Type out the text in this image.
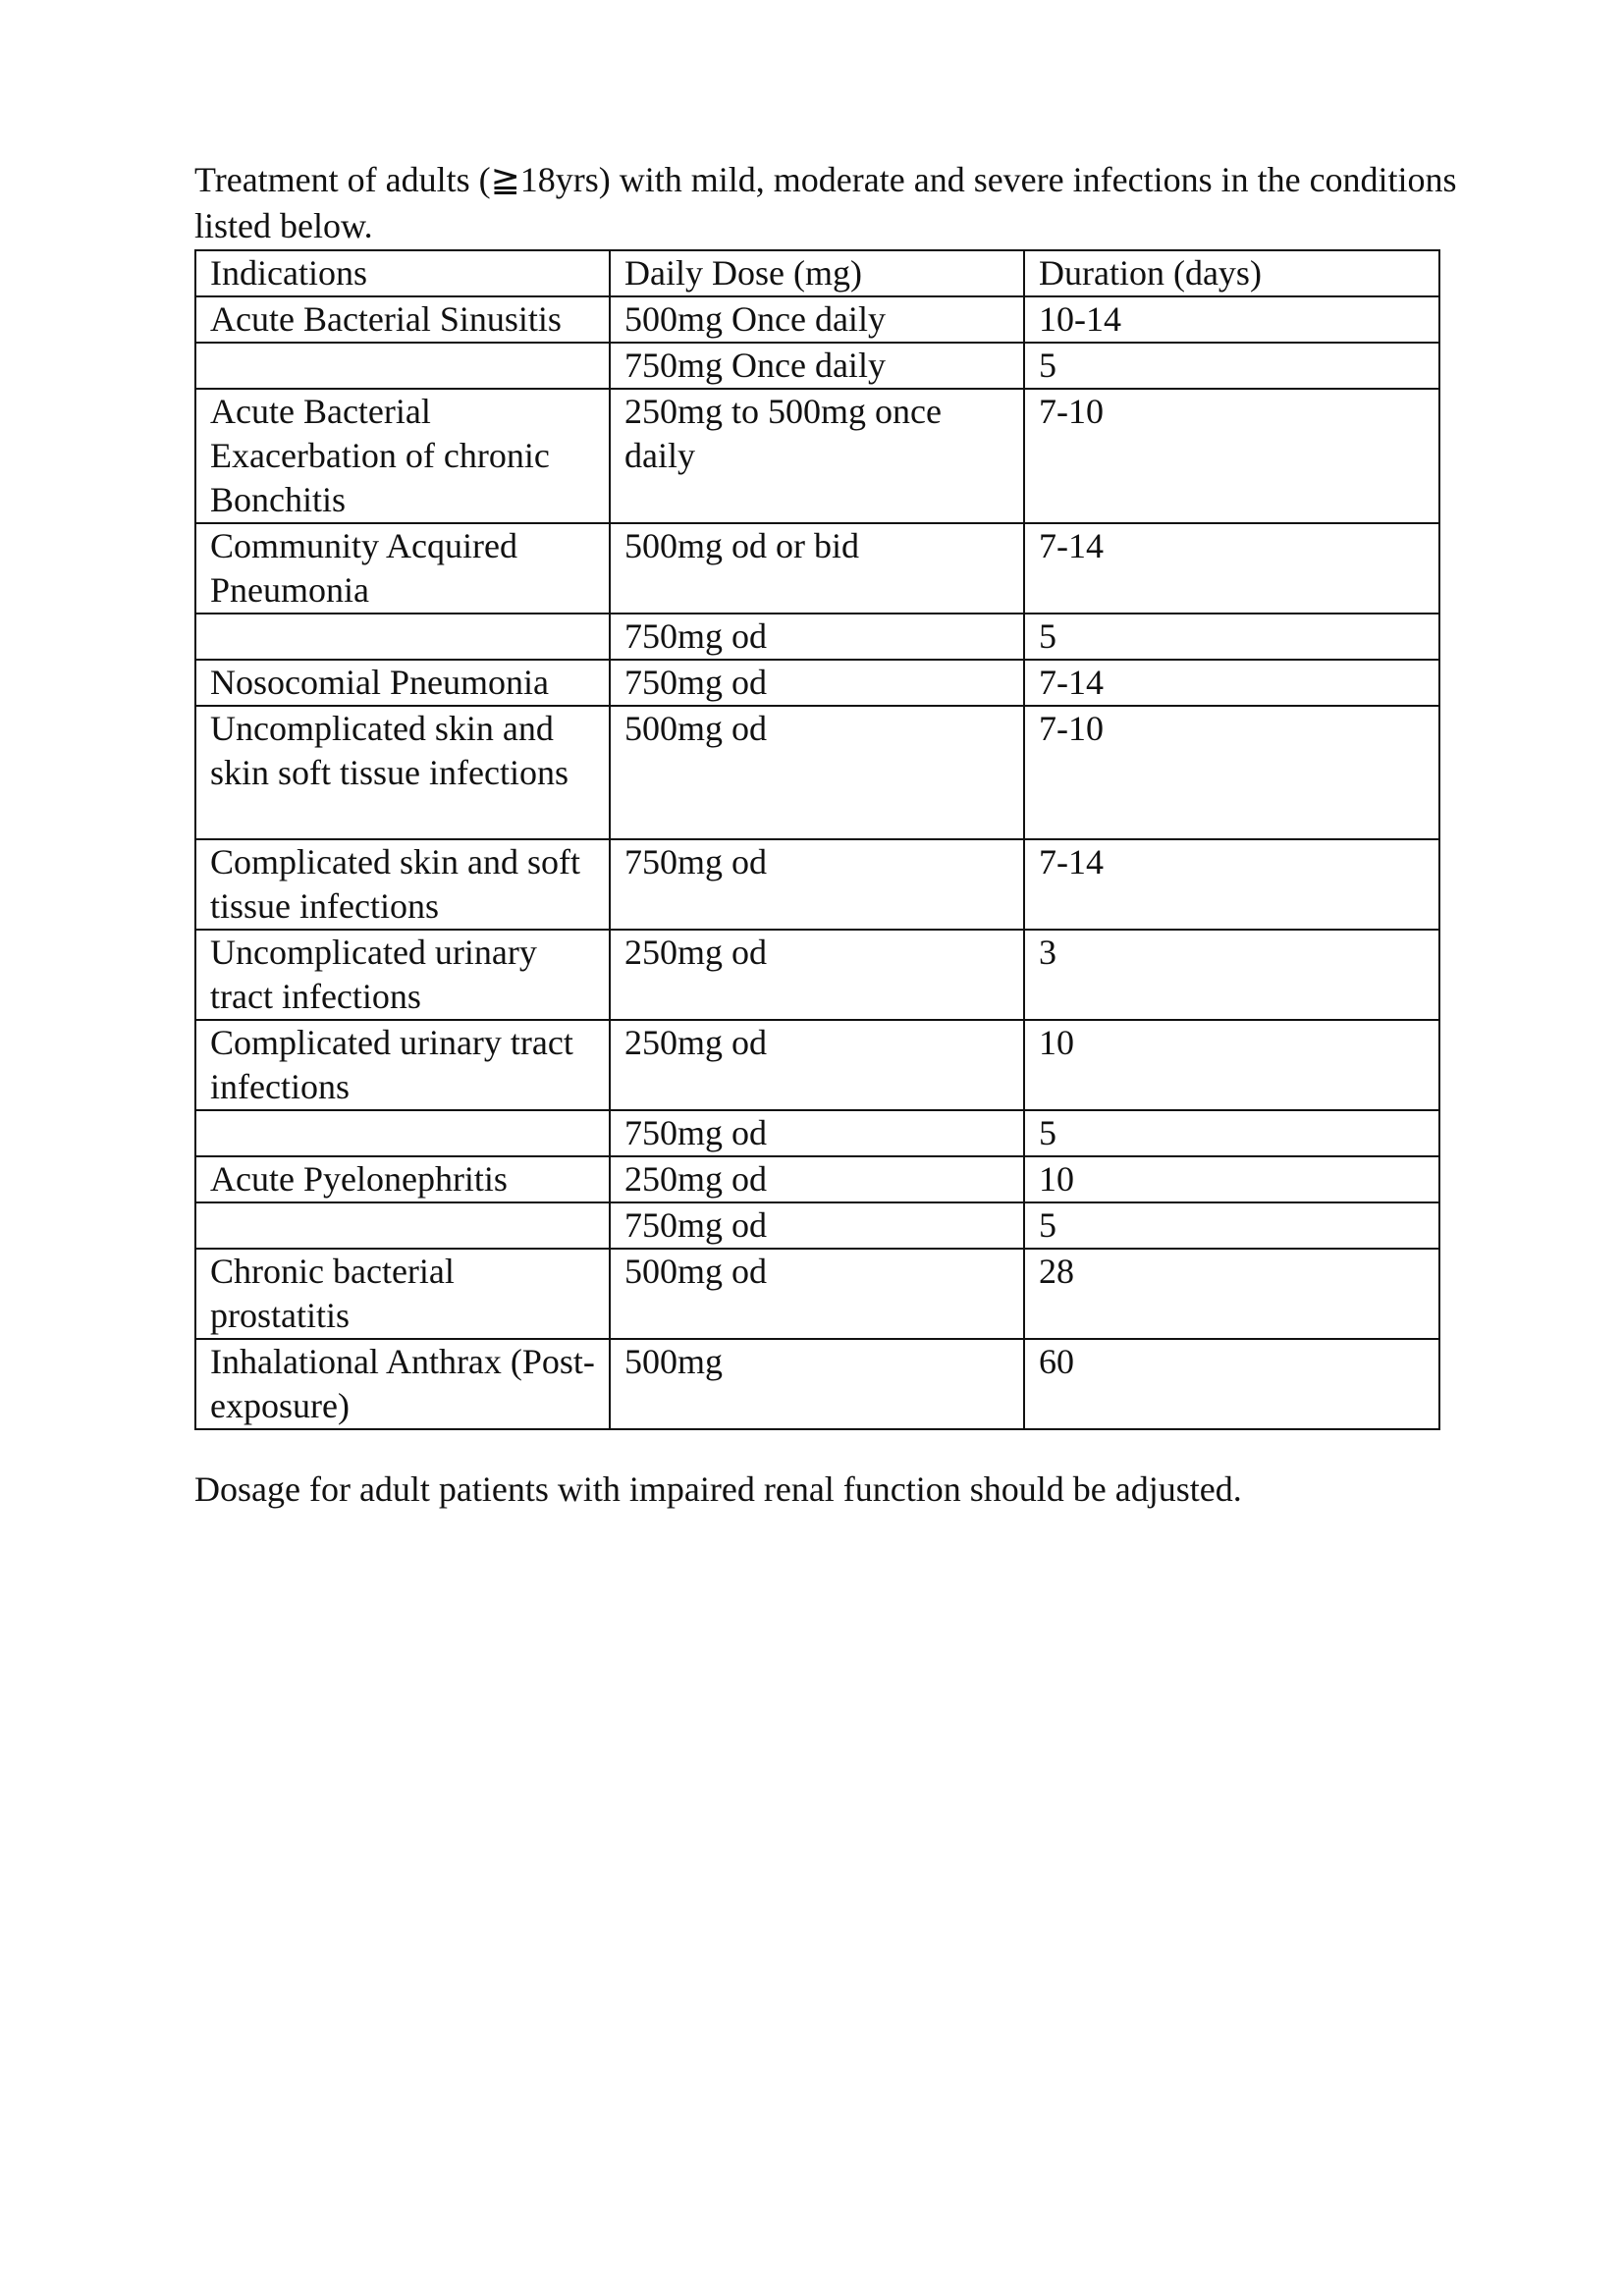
Treatment of adults (≧18yrs) with mild, moderate and severe infections in the conditions listed below.

Indications	Daily Dose (mg)	Duration (days)
Acute Bacterial Sinusitis	500mg Once daily	10-14
	750mg Once daily	5
Acute Bacterial Exacerbation of chronic Bonchitis	250mg to 500mg once daily	7-10
Community Acquired Pneumonia	500mg od or bid	7-14
	750mg od	5
Nosocomial Pneumonia	750mg od	7-14
Uncomplicated skin and skin soft tissue infections	500mg od	7-10
Complicated skin and soft tissue infections	750mg od	7-14
Uncomplicated urinary tract infections	250mg od	3
Complicated urinary tract infections	250mg od	10
	750mg od	5
Acute Pyelonephritis	250mg od	10
	750mg od	5
Chronic bacterial prostatitis	500mg od	28
Inhalational Anthrax (Post-exposure)	500mg	60

Dosage for adult patients with impaired renal function should be adjusted.
